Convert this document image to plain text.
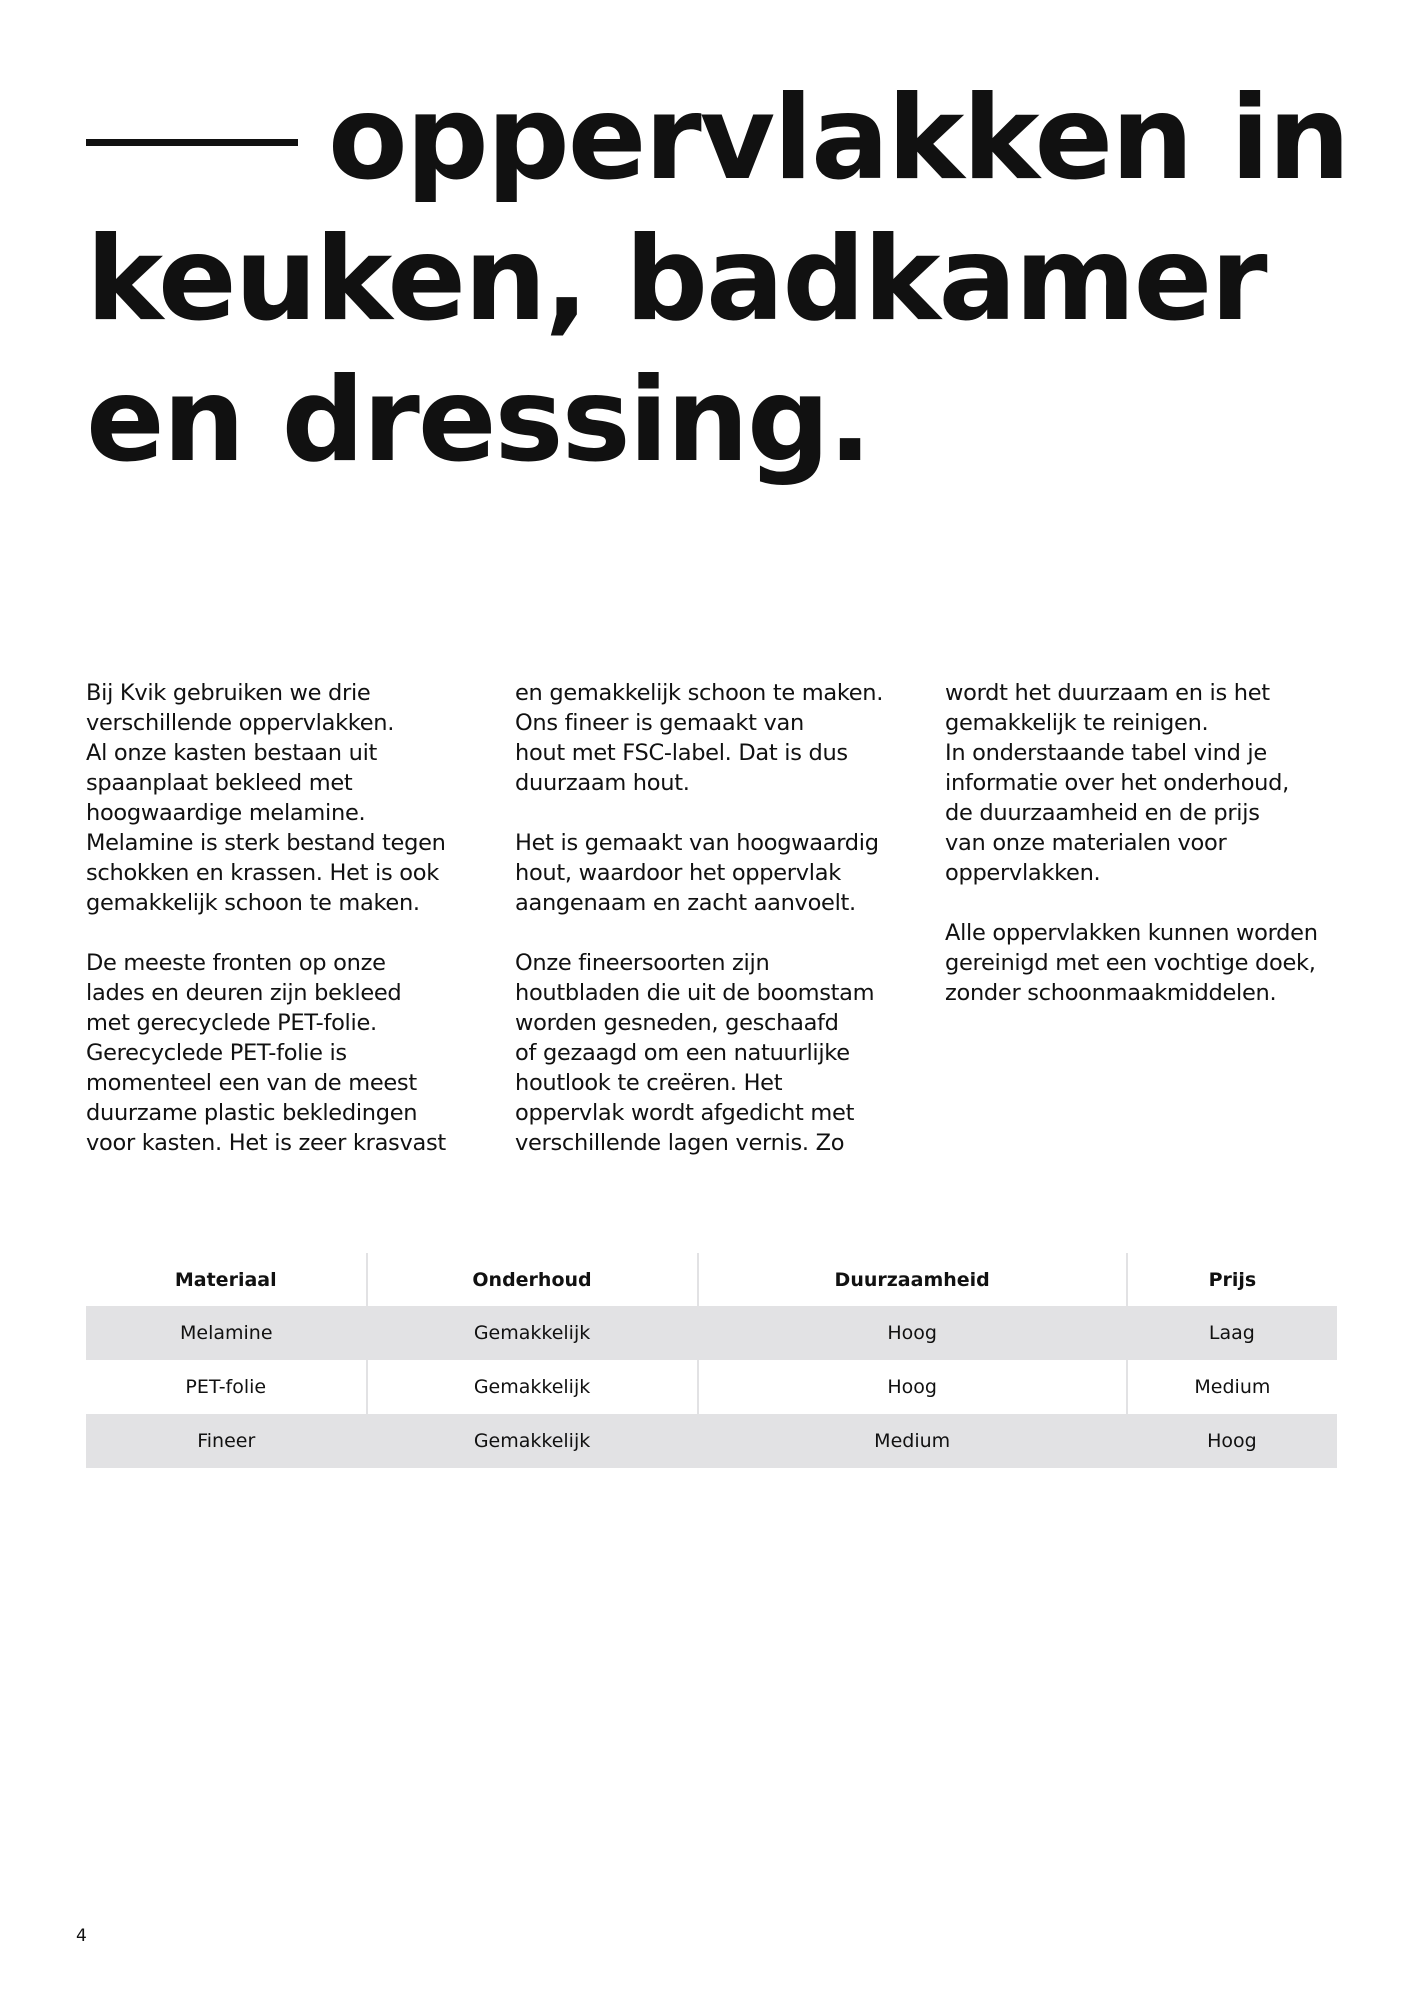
oppervlakken in keuken, badkamer en dressing.

Bij Kvik gebruiken we drie
verschillende oppervlakken.
Al onze kasten bestaan uit
spaanplaat bekleed met
hoogwaardige melamine.
Melamine is sterk bestand tegen
schokken en krassen. Het is ook
gemakkelijk schoon te maken.

De meeste fronten op onze
lades en deuren zijn bekleed
met gerecyclede PET-folie.
Gerecyclede PET-folie is
momenteel een van de meest
duurzame plastic bekledingen
voor kasten. Het is zeer krasvast

en gemakkelijk schoon te maken.
Ons fineer is gemaakt van
hout met FSC-label. Dat is dus
duurzaam hout.

Het is gemaakt van hoogwaardig
hout, waardoor het oppervlak
aangenaam en zacht aanvoelt.

Onze fineersoorten zijn
houtbladen die uit de boomstam
worden gesneden, geschaafd
of gezaagd om een natuurlijke
houtlook te creëren. Het
oppervlak wordt afgedicht met
verschillende lagen vernis. Zo

wordt het duurzaam en is het
gemakkelijk te reinigen.
In onderstaande tabel vind je
informatie over het onderhoud,
de duurzaamheid en de prijs
van onze materialen voor
oppervlakken.

Alle oppervlakken kunnen worden
gereinigd met een vochtige doek,
zonder schoonmaakmiddelen.

Materiaal	Onderhoud	Duurzaamheid	Prijs
Melamine	Gemakkelijk	Hoog	Laag
PET-folie	Gemakkelijk	Hoog	Medium
Fineer	Gemakkelijk	Medium	Hoog
4
